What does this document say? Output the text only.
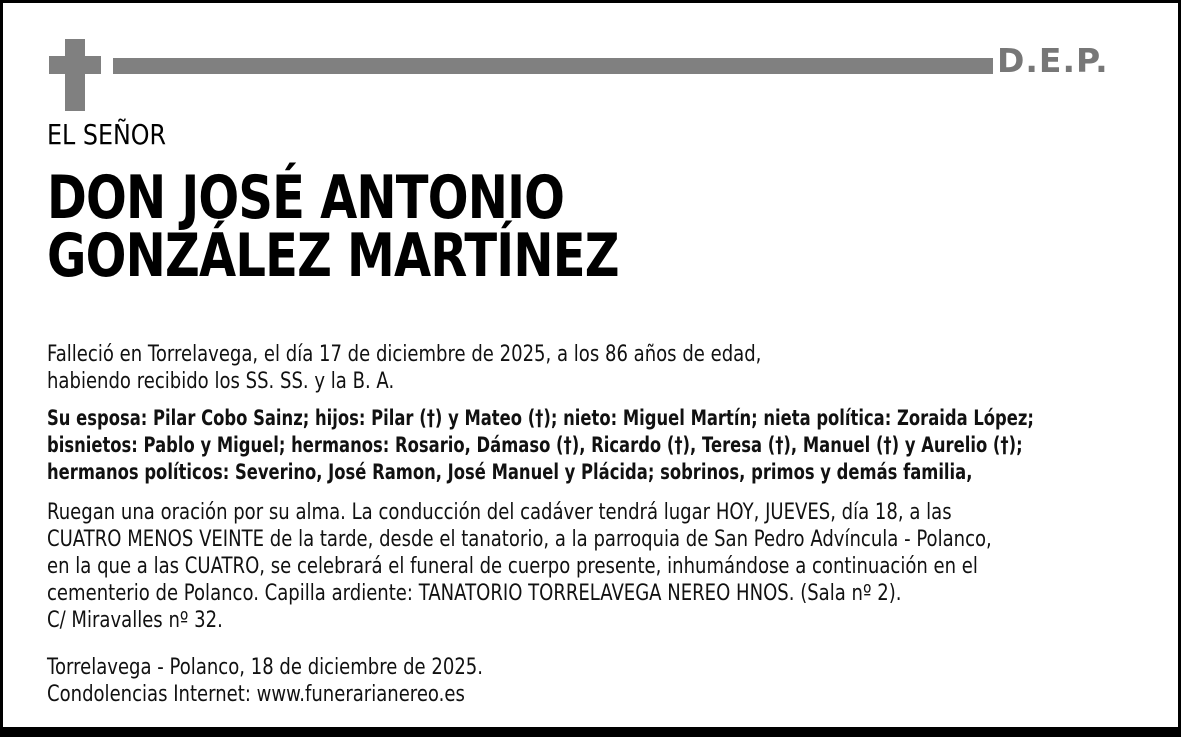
D.E.P.
EL SEÑOR
DON JOSÉ ANTONIO
GONZÁLEZ MARTÍNEZ
Falleció en Torrelavega, el día 17 de diciembre de 2025, a los 86 años de edad,
habiendo recibido los SS. SS. y la B. A.
Su esposa: Pilar Cobo Sainz; hijos: Pilar (†) y Mateo (†); nieto: Miguel Martín; nieta política: Zoraida López;
bisnietos: Pablo y Miguel; hermanos: Rosario, Dámaso (†), Ricardo (†), Teresa (†), Manuel (†) y Aurelio (†);
hermanos políticos: Severino, José Ramon, José Manuel y Plácida; sobrinos, primos y demás familia,
Ruegan una oración por su alma. La conducción del cadáver tendrá lugar HOY, JUEVES, día 18, a las
CUATRO MENOS VEINTE de la tarde, desde el tanatorio, a la parroquia de San Pedro Advíncula - Polanco,
en la que a las CUATRO, se celebrará el funeral de cuerpo presente, inhumándose a continuación en el
cementerio de Polanco. Capilla ardiente: TANATORIO TORRELAVEGA NEREO HNOS. (Sala nº 2).
C/ Miravalles nº 32.
Torrelavega - Polanco, 18 de diciembre de 2025.
Condolencias Internet: www.funerarianereo.es
